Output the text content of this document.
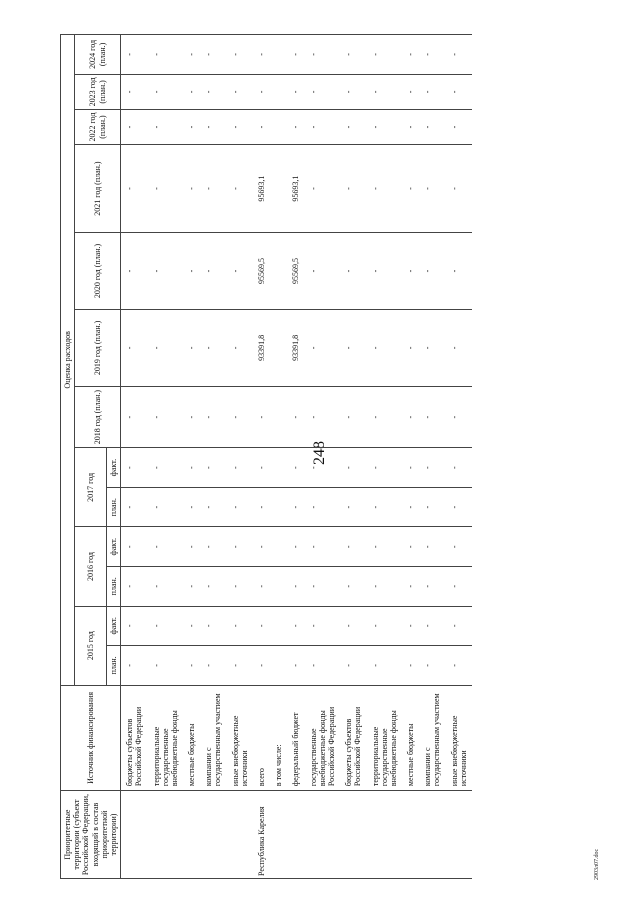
248
2903л07.doc
Приоритетные территории (субъект Российской Федерации, входящий в состав приоритетной территории)	Источник финансирования	Оценка расходов												
		2015 год		2016 год		2017 год		2018 год (план.)	2019 год (план.)	2020 год (план.)	2021 год (план.)	2022 год (план.)	2023 год (план.)	2024 год (план.)
		план.	факт.	план.	факт.	план.	факт.							
	бюджеты субъектов Российской Федерации	-	-	-	-	-	-	-	-	-	-	-	-	-
	территориальные государственные внебюджетные фонды	-	-	-	-	-	-	-	-	-	-	-	-	-
	местные бюджеты	-	-	-	-	-	-	-	-	-	-	-	-	-
	компании с государственным участием	-	-	-	-	-	-	-	-	-	-	-	-	-
	иные внебюджетные источники	-	-	-	-	-	-	-	-	-	-	-	-	-
Республика Карелия	всего	-	-	-	-	-	-	-	93391,8	95569,5	95693,1	-	-	-
	в том числе:													
	федеральный бюджет	-	-	-	-	-	-	-	93391,8	95569,5	95693,1	-	-	-
	государственные внебюджетные фонды Российской Федерации	-	-	-	-	-	-	-	-	-	-	-	-	-
	бюджеты субъектов Российской Федерации	-	-	-	-	-	-	-	-	-	-	-	-	-
	территориальные государственные внебюджетные фонды	-	-	-	-	-	-	-	-	-	-	-	-	-
	местные бюджеты	-	-	-	-	-	-	-	-	-	-	-	-	-
	компании с государственным участием	-	-	-	-	-	-	-	-	-	-	-	-	-
	иные внебюджетные источники	-	-	-	-	-	-	-	-	-	-	-	-	-
